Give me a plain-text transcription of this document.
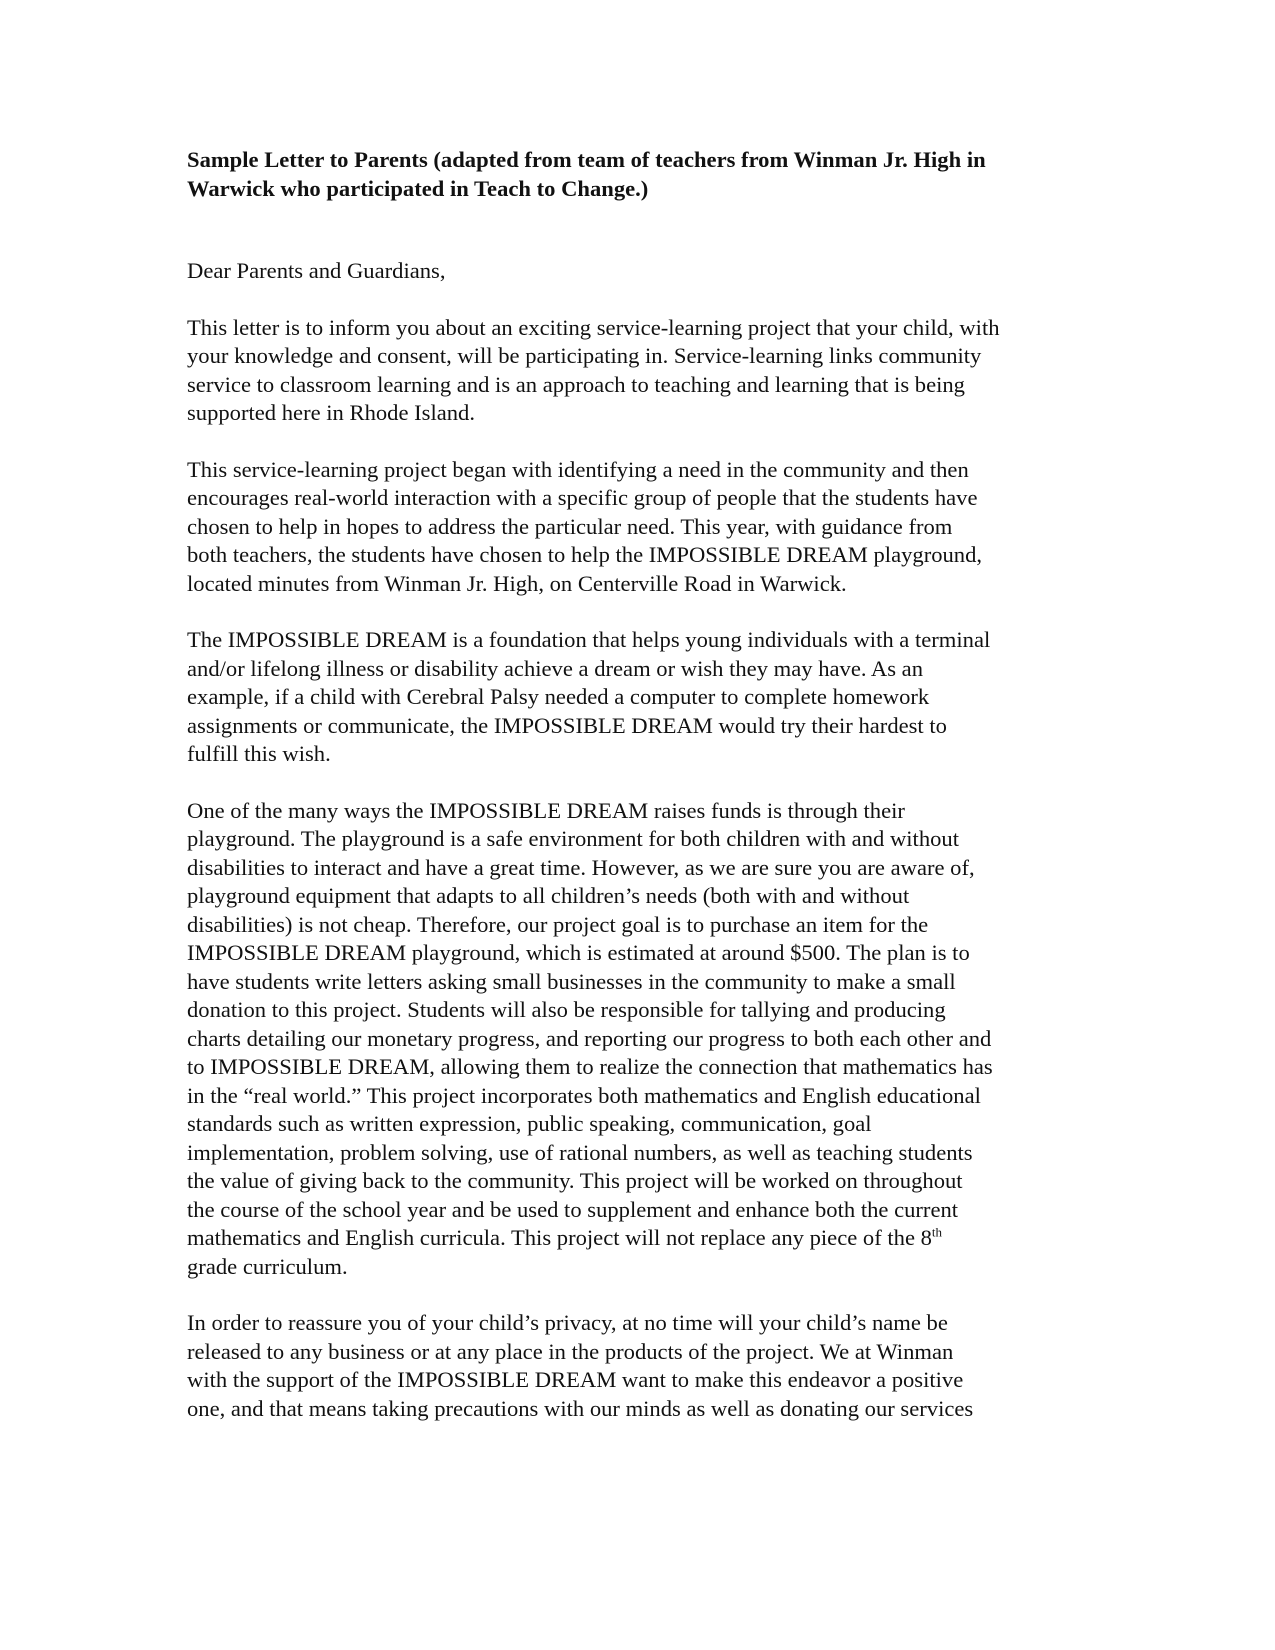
Sample Letter to Parents (adapted from team of teachers from Winman Jr. High in
Warwick who participated in Teach to Change.)

Dear Parents and Guardians,

This letter is to inform you about an exciting service-learning project that your child, with
your knowledge and consent, will be participating in. Service-learning links community
service to classroom learning and is an approach to teaching and learning that is being
supported here in Rhode Island.

This service-learning project began with identifying a need in the community and then
encourages real-world interaction with a specific group of people that the students have
chosen to help in hopes to address the particular need. This year, with guidance from
both teachers, the students have chosen to help the IMPOSSIBLE DREAM playground,
located minutes from Winman Jr. High, on Centerville Road in Warwick.

The IMPOSSIBLE DREAM is a foundation that helps young individuals with a terminal
and/or lifelong illness or disability achieve a dream or wish they may have. As an
example, if a child with Cerebral Palsy needed a computer to complete homework
assignments or communicate, the IMPOSSIBLE DREAM would try their hardest to
fulfill this wish.

One of the many ways the IMPOSSIBLE DREAM raises funds is through their
playground. The playground is a safe environment for both children with and without
disabilities to interact and have a great time. However, as we are sure you are aware of,
playground equipment that adapts to all children’s needs (both with and without
disabilities) is not cheap. Therefore, our project goal is to purchase an item for the
IMPOSSIBLE DREAM playground, which is estimated at around $500. The plan is to
have students write letters asking small businesses in the community to make a small
donation to this project. Students will also be responsible for tallying and producing
charts detailing our monetary progress, and reporting our progress to both each other and
to IMPOSSIBLE DREAM, allowing them to realize the connection that mathematics has
in the “real world.” This project incorporates both mathematics and English educational
standards such as written expression, public speaking, communication, goal
implementation, problem solving, use of rational numbers, as well as teaching students
the value of giving back to the community. This project will be worked on throughout
the course of the school year and be used to supplement and enhance both the current
mathematics and English curricula. This project will not replace any piece of the 8th
grade curriculum.

In order to reassure you of your child’s privacy, at no time will your child’s name be
released to any business or at any place in the products of the project. We at Winman
with the support of the IMPOSSIBLE DREAM want to make this endeavor a positive
one, and that means taking precautions with our minds as well as donating our services
